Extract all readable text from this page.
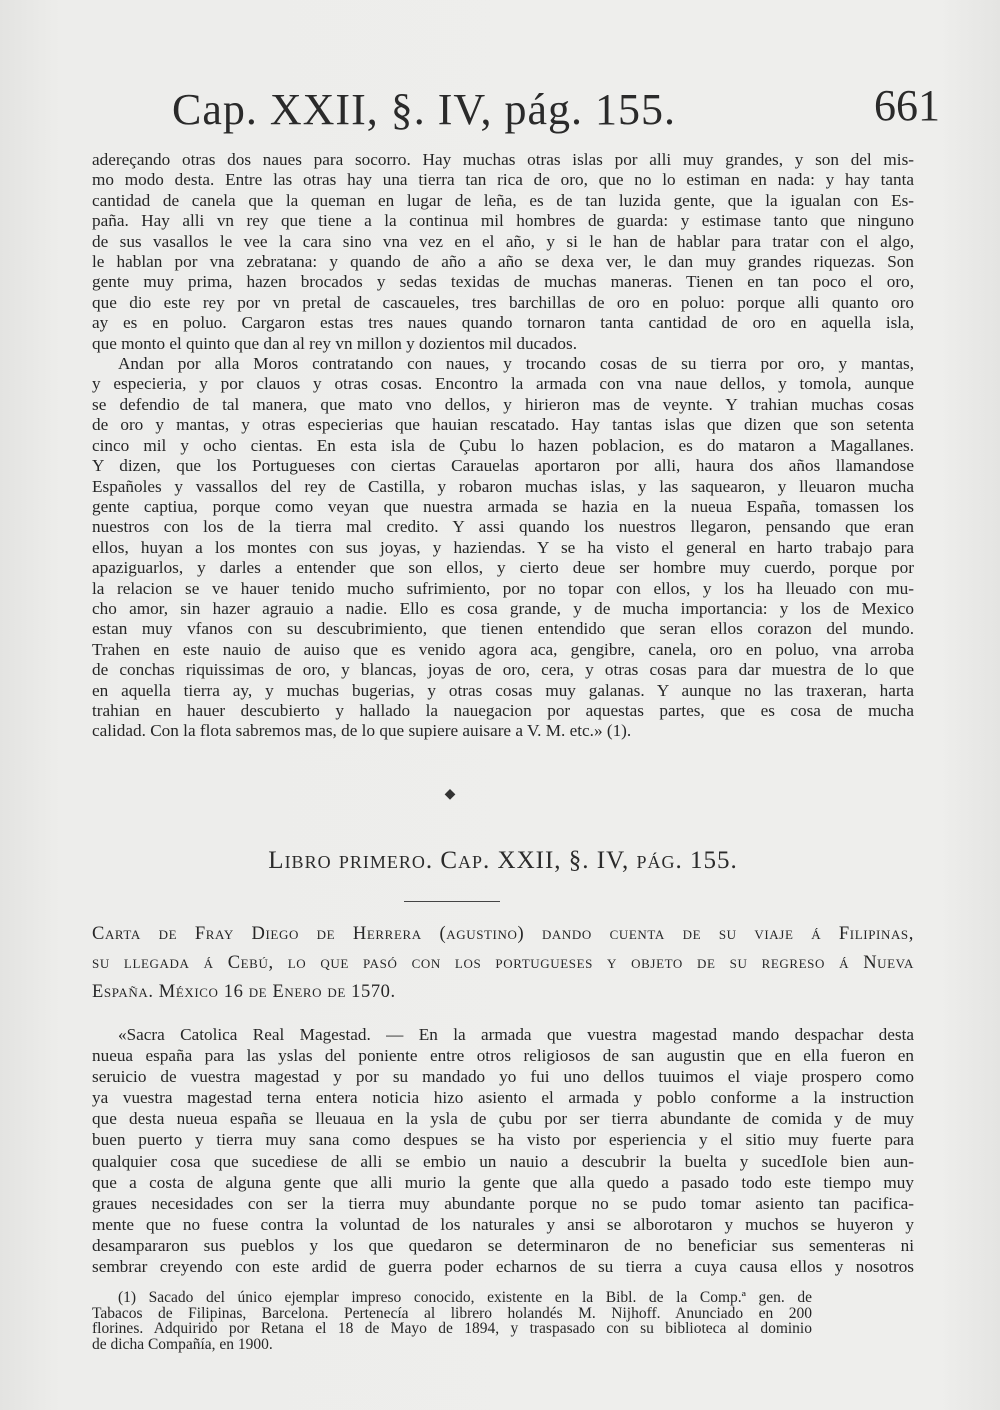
Cap. XXII, §. IV, pág. 155.	661

adereçando otras dos naues para socorro. Hay muchas otras islas por alli muy grandes, y son del mis-
mo modo desta. Entre las otras hay una tierra tan rica de oro, que no lo estiman en nada: y hay tanta
cantidad de canela que la queman en lugar de leña, es de tan luzida gente, que la igualan con Es-
paña. Hay alli vn rey que tiene a la continua mil hombres de guarda: y estimase tanto que ninguno
de sus vasallos le vee la cara sino vna vez en el año, y si le han de hablar para tratar con el algo,
le hablan por vna zebratana: y quando de año a año se dexa ver, le dan muy grandes riquezas. Son
gente muy prima, hazen brocados y sedas texidas de muchas maneras. Tienen en tan poco el oro,
que dio este rey por vn pretal de cascaueles, tres barchillas de oro en poluo: porque alli quanto oro
ay es en poluo. Cargaron estas tres naues quando tornaron tanta cantidad de oro en aquella isla,
que monto el quinto que dan al rey vn millon y dozientos mil ducados.

Andan por alla Moros contratando con naues, y trocando cosas de su tierra por oro, y mantas,
y especieria, y por clauos y otras cosas. Encontro la armada con vna naue dellos, y tomola, aunque
se defendio de tal manera, que mato vno dellos, y hirieron mas de veynte. Y trahian muchas cosas
de oro y mantas, y otras especierias que hauian rescatado. Hay tantas islas que dizen que son setenta
cinco mil y ocho cientas. En esta isla de Çubu lo hazen poblacion, es do mataron a Magallanes.
Y dizen, que los Portugueses con ciertas Carauelas aportaron por alli, haura dos años llamandose
Españoles y vassallos del rey de Castilla, y robaron muchas islas, y las saquearon, y lleuaron mucha
gente captiua, porque como veyan que nuestra armada se hazia en la nueua España, tomassen los
nuestros con los de la tierra mal credito. Y assi quando los nuestros llegaron, pensando que eran
ellos, huyan a los montes con sus joyas, y haziendas. Y se ha visto el general en harto trabajo para
apaziguarlos, y darles a entender que son ellos, y cierto deue ser hombre muy cuerdo, porque por
la relacion se ve hauer tenido mucho sufrimiento, por no topar con ellos, y los ha lleuado con mu-
cho amor, sin hazer agrauio a nadie. Ello es cosa grande, y de mucha importancia: y los de Mexico
estan muy vfanos con su descubrimiento, que tienen entendido que seran ellos corazon del mundo.
Trahen en este nauio de auiso que es venido agora aca, gengibre, canela, oro en poluo, vna arroba
de conchas riquissimas de oro, y blancas, joyas de oro, cera, y otras cosas para dar muestra de lo que
en aquella tierra ay, y muchas bugerias, y otras cosas muy galanas. Y aunque no las traxeran, harta
trahian en hauer descubierto y hallado la nauegacion por aquestas partes, que es cosa de mucha
calidad. Con la flota sabremos mas, de lo que supiere auisare a V. M. etc.» (1).

◆
Libro primero. Cap. XXII, §. IV, pág. 155.
Carta de Fray Diego de Herrera (agustino) dando cuenta de su viaje á Filipinas,
su llegada á Cebú, lo que pasó con los portugueses y objeto de su regreso á Nueva
España. México 16 de Enero de 1570.
«Sacra Catolica Real Magestad. — En la armada que vuestra magestad mando despachar desta
nueua españa para las yslas del poniente entre otros religiosos de san augustin que en ella fueron en
seruicio de vuestra magestad y por su mandado yo fui uno dellos tuuimos el viaje prospero como
ya vuestra magestad terna entera noticia hizo asiento el armada y poblo conforme a la instruction
que desta nueua españa se lleuaua en la ysla de çubu por ser tierra abundante de comida y de muy
buen puerto y tierra muy sana como despues se ha visto por esperiencia y el sitio muy fuerte para
qualquier cosa que sucediese de alli se embio un nauio a descubrir la buelta y sucedIole bien aun-
que a costa de alguna gente que alli murio la gente que alla quedo a pasado todo este tiempo muy
graues necesidades con ser la tierra muy abundante porque no se pudo tomar asiento tan pacifica-
mente que no fuese contra la voluntad de los naturales y ansi se alborotaron y muchos se huyeron y
desampararon sus pueblos y los que quedaron se determinaron de no beneficiar sus sementeras ni
sembrar creyendo con este ardid de guerra poder echarnos de su tierra a cuya causa ellos y nosotros
(1) Sacado del único ejemplar impreso conocido, existente en la Bibl. de la Comp.ª gen. de
Tabacos de Filipinas, Barcelona. Pertenecía al librero holandés M. Nijhoff. Anunciado en 200
florines. Adquirido por Retana el 18 de Mayo de 1894, y traspasado con su biblioteca al dominio
de dicha Compañía, en 1900.
